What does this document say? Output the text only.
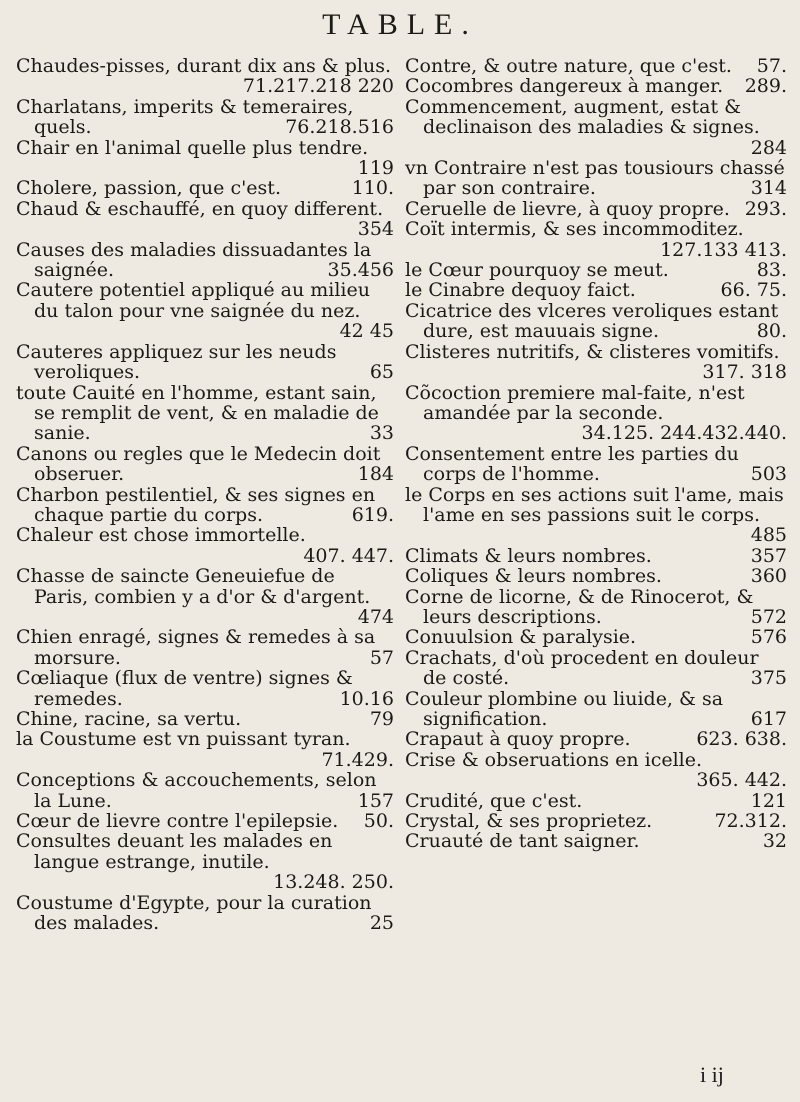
TABLE.
Chaudes-pisses, durant dix ans & plus.
71.217.218 220
Charlatans, imperits & temeraires, quels.	76.218.516
Chair en l'animal quelle plus tendre.
119
Cholere, passion, que c'est.	110.
Chaud & eschauffé, en quoy different.
354
Causes des maladies dissuadantes la saignée.	35.456
Cautere potentiel appliqué au milieu du talon pour vne saignée du nez.
42 45
Cauteres appliquez sur les neuds veroliques.	65
toute Cauité en l'homme, estant sain, se remplit de vent, & en maladie de sanie.	33
Canons ou regles que le Medecin doit obseruer.	184
Charbon pestilentiel, & ses signes en chaque partie du corps.	619.
Chaleur est chose immortelle.
407. 447.
Chasse de saincte Geneuiefue de Paris, combien y a d'or & d'argent.
474
Chien enragé, signes & remedes à sa morsure.	57
Cœliaque (flux de ventre) signes & remedes.	10.16
Chine, racine, sa vertu.	79
la Coustume est vn puissant tyran.
71.429.
Conceptions & accouchements, selon la Lune.	157
Cœur de lievre contre l'epilepsie. 50.
Consultes deuant les malades en langue estrange, inutile.
13.248. 250.
Coustume d'Egypte, pour la curation des malades.	25
Contre, & outre nature, que c'est. 57.
Cocombres dangereux à manger. 289.
Commencement, augment, estat & declinaison des maladies & signes.
284
vn Contraire n'est pas tousiours chassé par son contraire.	314
Ceruelle de lievre, à quoy propre. 293.
Coït intermis, & ses incommoditez.
127.133 413.
le Cœur pourquoy se meut.	83.
le Cinabre dequoy faict.	66. 75.
Cicatrice des vlceres veroliques estant dure, est mauuais signe.	80.
Clisteres nutritifs, & clisteres vomitifs.
317. 318
Cõcoction premiere mal-faite, n'est amandée par la seconde.
34.125. 244.432.440.
Consentement entre les parties du corps de l'homme.	503
le Corps en ses actions suit l'ame, mais l'ame en ses passions suit le corps.
485
Climats & leurs nombres.	357
Coliques & leurs nombres.	360
Corne de licorne, & de Rinocerot, & leurs descriptions.	572
Conuulsion & paralysie.	576
Crachats, d'où procedent en douleur de costé.	375
Couleur plombine ou liuide, & sa signification.	617
Crapaut à quoy propre.	623. 638.
Crise & obseruations en icelle.
365. 442.
Crudité, que c'est.	121
Crystal, & ses proprietez.	72.312.
Cruauté de tant saigner.	32
i ij
